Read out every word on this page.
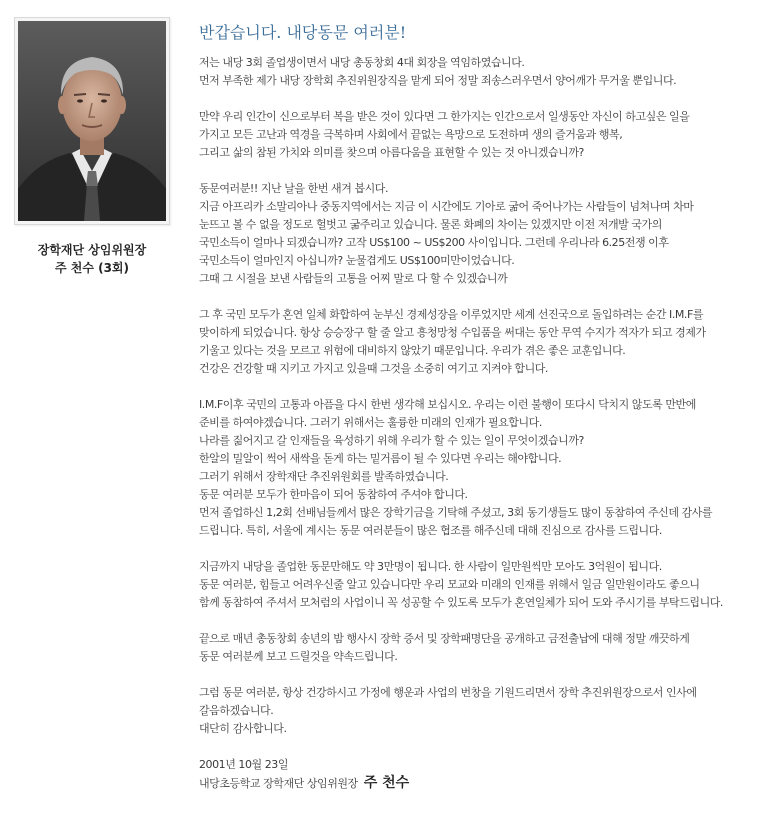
장학재단 상임위원장
주 천수 (3회)
반갑습니다. 내당동문 여러분!
저는 내당 3회 졸업생이면서 내당 총동창회 4대 회장을 역임하였습니다.
먼저 부족한 제가 내당 장학회 추진위원장직을 맡게 되어 정말 죄송스러우면서 양어깨가 무거울 뿐입니다.
만약 우리 인간이 신으로부터 복을 받은 것이 있다면 그 한가지는 인간으로서 일생동안 자신이 하고싶은 일을
가지고 모든 고난과 역경을 극복하며 사회에서 끝없는 욕망으로 도전하며 생의 즐거움과 행복,
그리고 삶의 참된 가치와 의미를 찾으며 아름다움을 표현할 수 있는 것 아니겠습니까?
동문여러분!! 지난 날을 한번 새겨 봅시다.
지금 아프리카 소말리아나 중동지역에서는 지금 이 시간에도 기아로 굶어 죽어나가는 사람들이 넘쳐나며 차마
눈뜨고 볼 수 없을 정도로 헐벗고 굶주리고 있습니다. 물론 화폐의 차이는 있겠지만 이전 저개발 국가의
국민소득이 얼마나 되겠습니까? 고작 US$100 ~ US$200 사이입니다. 그런데 우리나라 6.25전쟁 이후
국민소득이 얼마인지 아십니까? 눈물겹게도 US$100미만이었습니다.
그때 그 시절을 보낸 사람들의 고통을 어찌 말로 다 할 수 있겠습니까
그 후 국민 모두가 혼연 일체 화합하여 눈부신 경제성장을 이루었지만 세계 선진국으로 돌입하려는 순간 I.M.F를
맞이하게 되었습니다. 항상 승승장구 할 줄 알고 흥청망청 수입품을 써대는 동안 무역 수지가 적자가 되고 경제가
기울고 있다는 것을 모르고 위험에 대비하지 않았기 때문입니다. 우리가 겪은 좋은 교훈입니다.
건강은 건강할 때 지키고 가지고 있을때 그것을 소중히 여기고 지켜야 합니다.
I.M.F이후 국민의 고통과 아픔을 다시 한번 생각해 보십시오. 우리는 이런 불행이 또다시 닥치지 않도록 만반에
준비를 하여야겠습니다. 그러기 위해서는 훌륭한 미래의 인재가 필요합니다.
나라를 짊어지고 갈 인재들을 육성하기 위해 우리가 할 수 있는 일이 무엇이겠습니까?
한알의 밀알이 썩어 새싹을 돋게 하는 밑거름이 될 수 있다면 우리는 해야합니다.
그러기 위해서 장학재단 추진위원회를 발족하였습니다.
동문 여러분 모두가 한마음이 되어 동참하여 주셔야 합니다.
먼저 졸업하신 1,2회 선배님들께서 많은 장학기금을 기탁해 주셨고, 3회 동기생들도 많이 동참하여 주신데 감사를
드립니다. 특히, 서울에 계시는 동문 여러분들이 많은 협조를 해주신데 대해 진심으로 감사를 드립니다.
지금까지 내당을 졸업한 동문만해도 약 3만명이 됩니다. 한 사람이 일만원씩만 모아도 3억원이 됩니다.
동문 여러분, 힘들고 어려우신줄 알고 있습니다만 우리 모교와 미래의 인재를 위해서 일금 일만원이라도 좋으니
함께 동참하여 주셔서 모처럼의 사업이니 꼭 성공할 수 있도록 모두가 혼연일체가 되어 도와 주시기를 부탁드립니다.
끝으로 매년 총동창회 송년의 밤 행사시 장학 증서 및 장학패명단을 공개하고 금전출납에 대해 정말 깨끗하게
동문 여러분께 보고 드릴것을 약속드립니다.
그럼 동문 여러분, 항상 건강하시고 가정에 행운과 사업의 번창을 기원드리면서 장학 추진위원장으로서 인사에
갈음하겠습니다.
대단히 감사합니다.
2001년 10월 23일
내당초등학교 장학재단 상임위원장 주 천수
